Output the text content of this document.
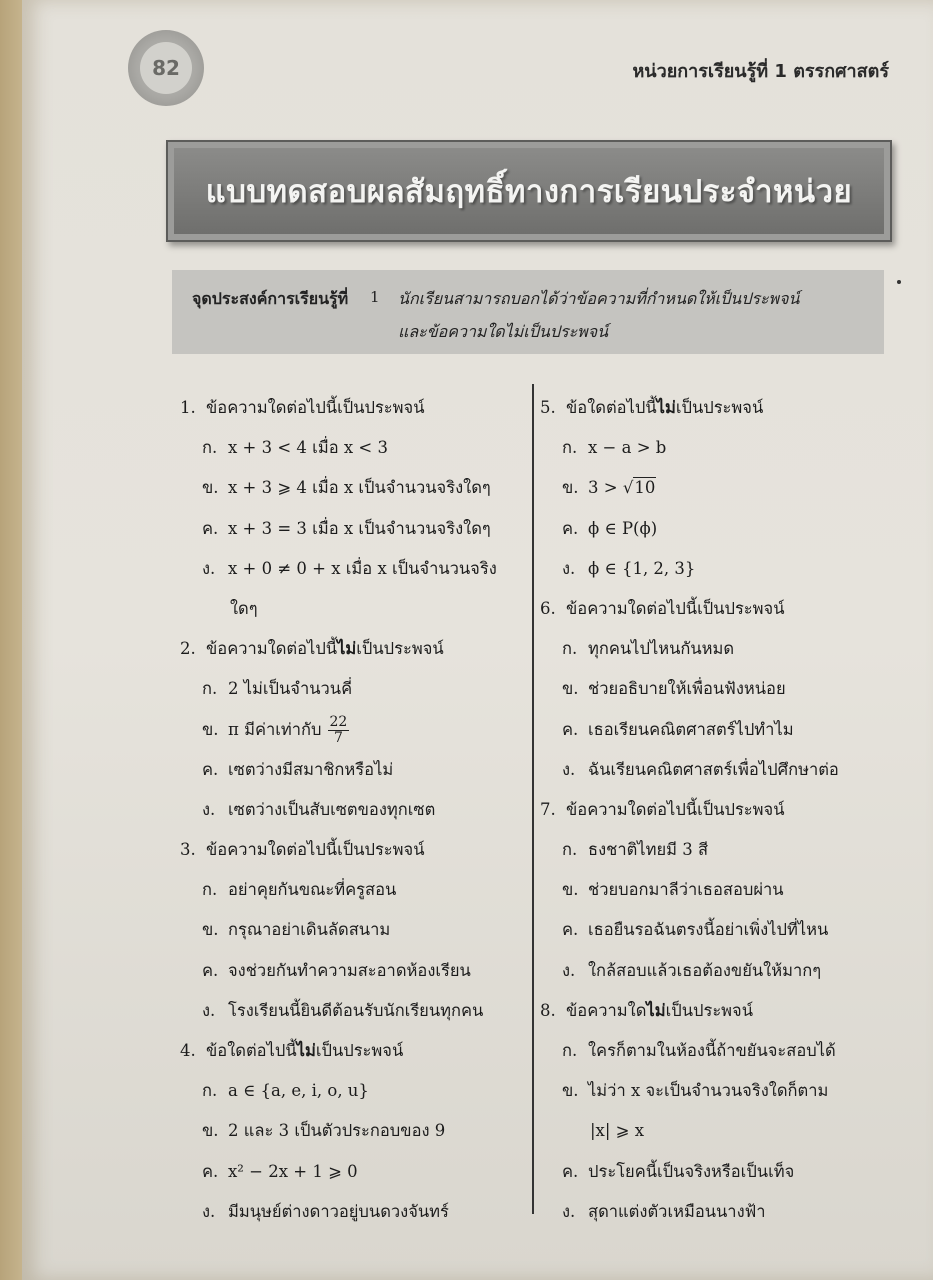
82	หน่วยการเรียนรู้ที่ 1 ตรรกศาสตร์
แบบทดสอบผลสัมฤทธิ์ทางการเรียนประจำหน่วย
จุดประสงค์การเรียนรู้ที่ 1 นักเรียนสามารถบอกได้ว่าข้อความที่กำหนดให้เป็นประพจน์
และข้อความใดไม่เป็นประพจน์
1. ข้อความใดต่อไปนี้เป็นประพจน์
ก. x + 3 < 4 เมื่อ x < 3
ข. x + 3 ⩾ 4 เมื่อ x เป็นจำนวนจริงใดๆ
ค. x + 3 = 3 เมื่อ x เป็นจำนวนจริงใดๆ
ง. x + 0 ≠ 0 + x เมื่อ x เป็นจำนวนจริง
ใดๆ
2. ข้อความใดต่อไปนี้ไม่เป็นประพจน์
ก. 2 ไม่เป็นจำนวนคี่
ข. π มีค่าเท่ากับ $\frac{22}{7}$
ค. เซตว่างมีสมาชิกหรือไม่
ง. เซตว่างเป็นสับเซตของทุกเซต
3. ข้อความใดต่อไปนี้เป็นประพจน์
ก. อย่าคุยกันขณะที่ครูสอน
ข. กรุณาอย่าเดินลัดสนาม
ค. จงช่วยกันทำความสะอาดห้องเรียน
ง. โรงเรียนนี้ยินดีต้อนรับนักเรียนทุกคน
4. ข้อใดต่อไปนี้ไม่เป็นประพจน์
ก. a ∈ {a, e, i, o, u}
ข. 2 และ 3 เป็นตัวประกอบของ 9
ค. x² − 2x + 1 ⩾ 0
ง. มีมนุษย์ต่างดาวอยู่บนดวงจันทร์
5. ข้อใดต่อไปนี้ไม่เป็นประพจน์
ก. x − a > b
ข. 3 > √10
ค. ϕ ∈ P(ϕ)
ง. ϕ ∈ {1, 2, 3}
6. ข้อความใดต่อไปนี้เป็นประพจน์
ก. ทุกคนไปไหนกันหมด
ข. ช่วยอธิบายให้เพื่อนฟังหน่อย
ค. เธอเรียนคณิตศาสตร์ไปทำไม
ง. ฉันเรียนคณิตศาสตร์เพื่อไปศึกษาต่อ
7. ข้อความใดต่อไปนี้เป็นประพจน์
ก. ธงชาติไทยมี 3 สี
ข. ช่วยบอกมาลีว่าเธอสอบผ่าน
ค. เธอยืนรอฉันตรงนี้อย่าเพิ่งไปที่ไหน
ง. ใกล้สอบแล้วเธอต้องขยันให้มากๆ
8. ข้อความใดไม่เป็นประพจน์
ก. ใครก็ตามในห้องนี้ถ้าขยันจะสอบได้
ข. ไม่ว่า x จะเป็นจำนวนจริงใดก็ตาม
|x| ⩾ x
ค. ประโยคนี้เป็นจริงหรือเป็นเท็จ
ง. สุดาแต่งตัวเหมือนนางฟ้า
